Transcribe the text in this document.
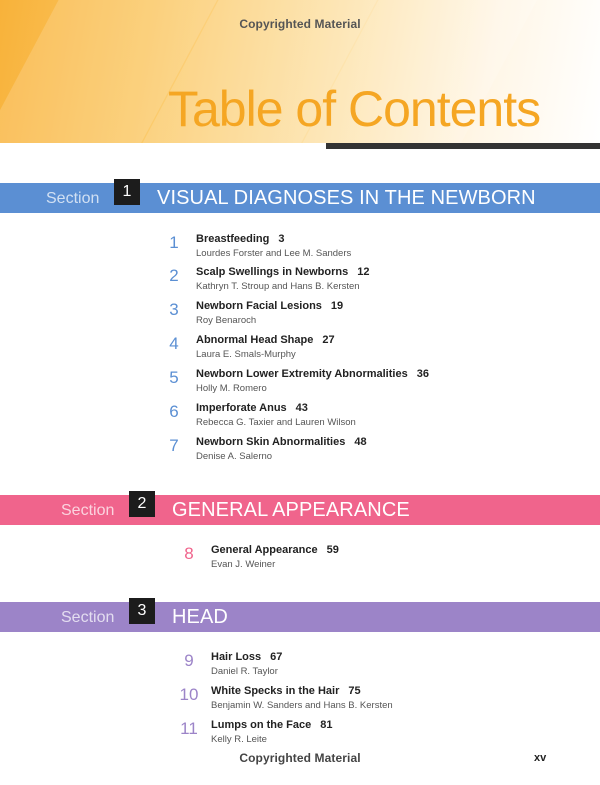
Copyrighted Material
Table of Contents
Section	1	VISUAL DIAGNOSES IN THE NEWBORN
1	Breastfeeding 3
Lourdes Forster and Lee M. Sanders
2	Scalp Swellings in Newborns 12
Kathryn T. Stroup and Hans B. Kersten
3	Newborn Facial Lesions 19
Roy Benaroch
4	Abnormal Head Shape 27
Laura E. Smals-Murphy
5	Newborn Lower Extremity Abnormalities 36
Holly M. Romero
6	Imperforate Anus 43
Rebecca G. Taxier and Lauren Wilson
7	Newborn Skin Abnormalities 48
Denise A. Salerno
Section	2	GENERAL APPEARANCE
8	General Appearance 59
Evan J. Weiner
Section	3	HEAD
9	Hair Loss 67
Daniel R. Taylor
10	White Specks in the Hair 75
Benjamin W. Sanders and Hans B. Kersten
11	Lumps on the Face 81
Kelly R. Leite
Copyrighted Material	xv
